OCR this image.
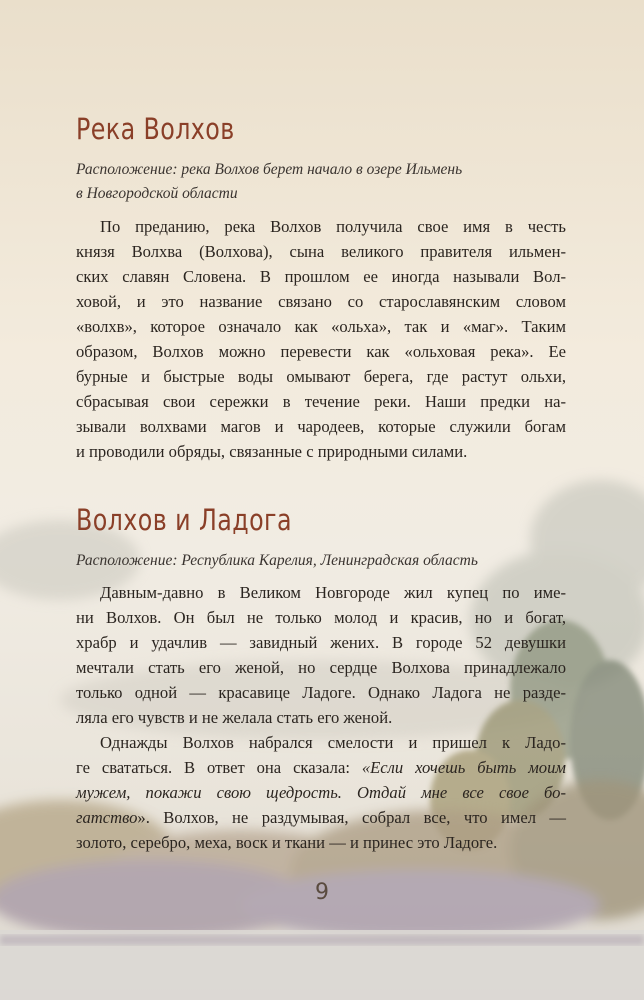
Река Волхов

Расположение: река Волхов берет начало в озере Ильмень
в Новгородской области

По преданию, река Волхов получила свое имя в честь
князя Волхва (Волхова), сына великого правителя ильмен-
ских славян Словена. В прошлом ее иногда называли Вол-
ховой, и это название связано со старославянским словом
«волхв», которое означало как «ольха», так и «маг». Таким
образом, Волхов можно перевести как «ольховая река». Ее
бурные и быстрые воды омывают берега, где растут ольхи,
сбрасывая свои сережки в течение реки. Наши предки на-
зывали волхвами магов и чародеев, которые служили богам
и проводили обряды, связанные с природными силами.

Волхов и Ладога

Расположение: Республика Карелия, Ленинградская область

Давным-давно в Великом Новгороде жил купец по име-
ни Волхов. Он был не только молод и красив, но и богат,
храбр и удачлив — завидный жених. В городе 52 девушки
мечтали стать его женой, но сердце Волхова принадлежало
только одной — красавице Ладоге. Однако Ладога не разде-
ляла его чувств и не желала стать его женой.

Однажды Волхов набрался смелости и пришел к Ладо-
ге свататься. В ответ она сказала: «Если хочешь быть моим
мужем, покажи свою щедрость. Отдай мне все свое бо-
гатство». Волхов, не раздумывая, собрал все, что имел —
золото, серебро, меха, воск и ткани — и принес это Ладоге.

9
